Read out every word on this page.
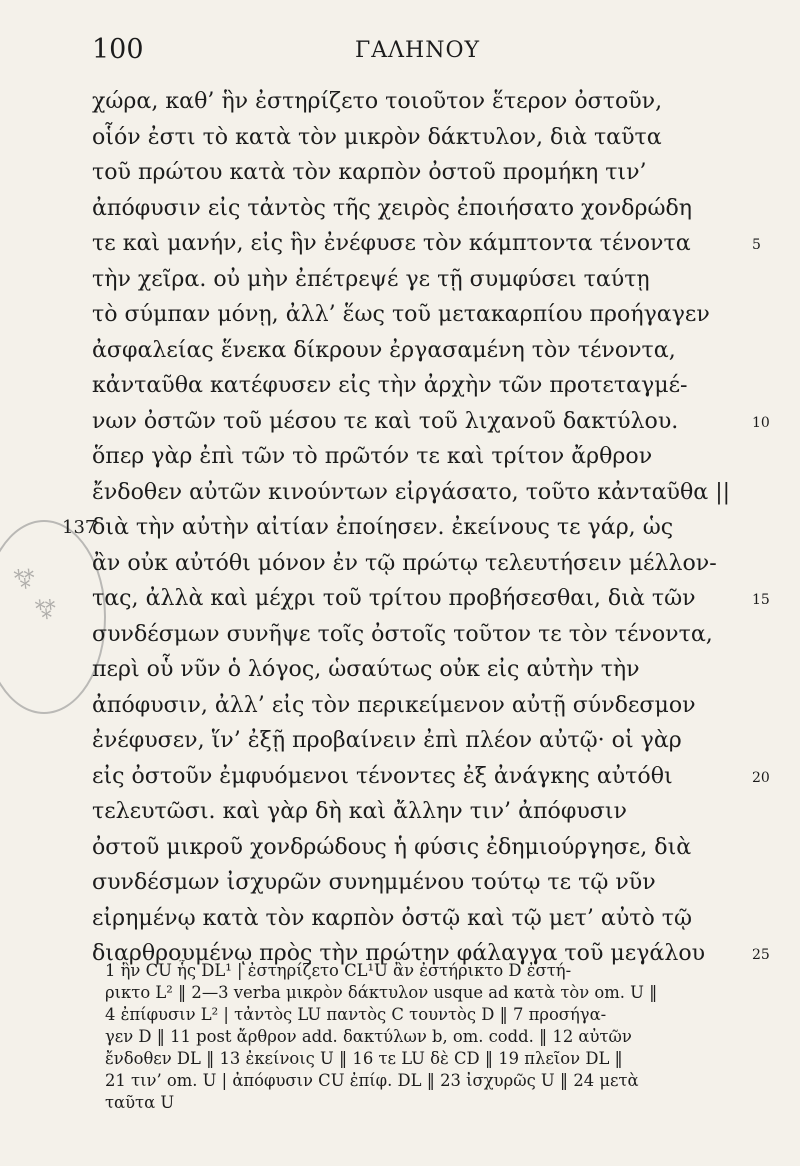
100	ΓΑΛΗΝΟΥ
⁂ ⁂
χώρα, καθ’ ἣν ἐστηρίζετο τοιοῦτον ἕτερον ὀστοῦν,
οἷόν ἐστι τὸ κατὰ τὸν μικρὸν δάκτυλον, διὰ ταῦτα
τοῦ πρώτου κατὰ τὸν καρπὸν ὀστοῦ προμήκη τιν’
ἀπόφυσιν εἰς τἀντὸς τῆς χειρὸς ἐποιήσατο χονδρώδη
τε καὶ μανήν, εἰς ἣν ἐνέφυσε τὸν κάμπτοντα τένοντα	5
τὴν χεῖρα. οὐ μὴν ἐπέτρεψέ γε τῇ συμφύσει ταύτῃ
τὸ σύμπαν μόνῃ, ἀλλ’ ἕως τοῦ μετακαρπίου προήγαγεν
ἀσφαλείας ἕνεκα δίκρουν ἐργασαμένη τὸν τένοντα,
κἀνταῦθα κατέφυσεν εἰς τὴν ἀρχὴν τῶν προτεταγμέ-
νων ὀστῶν τοῦ μέσου τε καὶ τοῦ λιχανοῦ δακτύλου.	10
ὅπερ γὰρ ἐπὶ τῶν τὸ πρῶτόν τε καὶ τρίτον ἄρθρον
ἔνδοθεν αὐτῶν κινούντων εἰργάσατο, τοῦτο κἀνταῦθα ||
137
διὰ τὴν αὐτὴν αἰτίαν ἐποίησεν. ἐκείνους τε γάρ, ὡς
ἂν οὐκ αὐτόθι μόνον ἐν τῷ πρώτῳ τελευτήσειν μέλλον-
τας, ἀλλὰ καὶ μέχρι τοῦ τρίτου προβήσεσθαι, διὰ τῶν	15
συνδέσμων συνῆψε τοῖς ὀστοῖς τοῦτον τε τὸν τένοντα,
περὶ οὗ νῦν ὁ λόγος, ὡσαύτως οὐκ εἰς αὐτὴν τὴν
ἀπόφυσιν, ἀλλ’ εἰς τὸν περικείμενον αὐτῇ σύνδεσμον
ἐνέφυσεν, ἵν’ ἐξῇ προβαίνειν ἐπὶ πλέον αὐτῷ· οἱ γὰρ
εἰς ὀστοῦν ἐμφυόμενοι τένοντες ἐξ ἀνάγκης αὐτόθι	20
τελευτῶσι. καὶ γὰρ δὴ καὶ ἄλλην τιν’ ἀπόφυσιν
ὀστοῦ μικροῦ χονδρώδους ἡ φύσις ἐδημιούργησε, διὰ
συνδέσμων ἰσχυρῶν συνημμένου τούτῳ τε τῷ νῦν
εἰρημένῳ κατὰ τὸν καρπὸν ὀστῷ καὶ τῷ μετ’ αὐτὸ τῷ
διαρθρουμένῳ πρὸς τὴν πρώτην φάλαγγα τοῦ μεγάλου	25
1 ἣν CU ἧς DL¹ | ἐστηρίζετο CL¹U ἂν ἐστήρικτο D ἐστή-
ρικτο L² ‖ 2—3 verba μικρὸν δάκτυλον usque ad κατὰ τὸν om. U ‖
4 ἐπίφυσιν L² | τἀντὸς LU παντὸς C τουντὸς D ‖ 7 προσήγα-
γεν D ‖ 11 post ἄρθρον add. δακτύλων b, om. codd. ‖ 12 αὐτῶν
ἔνδοθεν DL ‖ 13 ἐκείνοις U ‖ 16 τε LU δὲ CD ‖ 19 πλεῖον DL ‖
21 τιν’ om. U | ἀπόφυσιν CU ἐπίφ. DL ‖ 23 ἰσχυρῶς U ‖ 24 μετὰ
ταῦτα U
